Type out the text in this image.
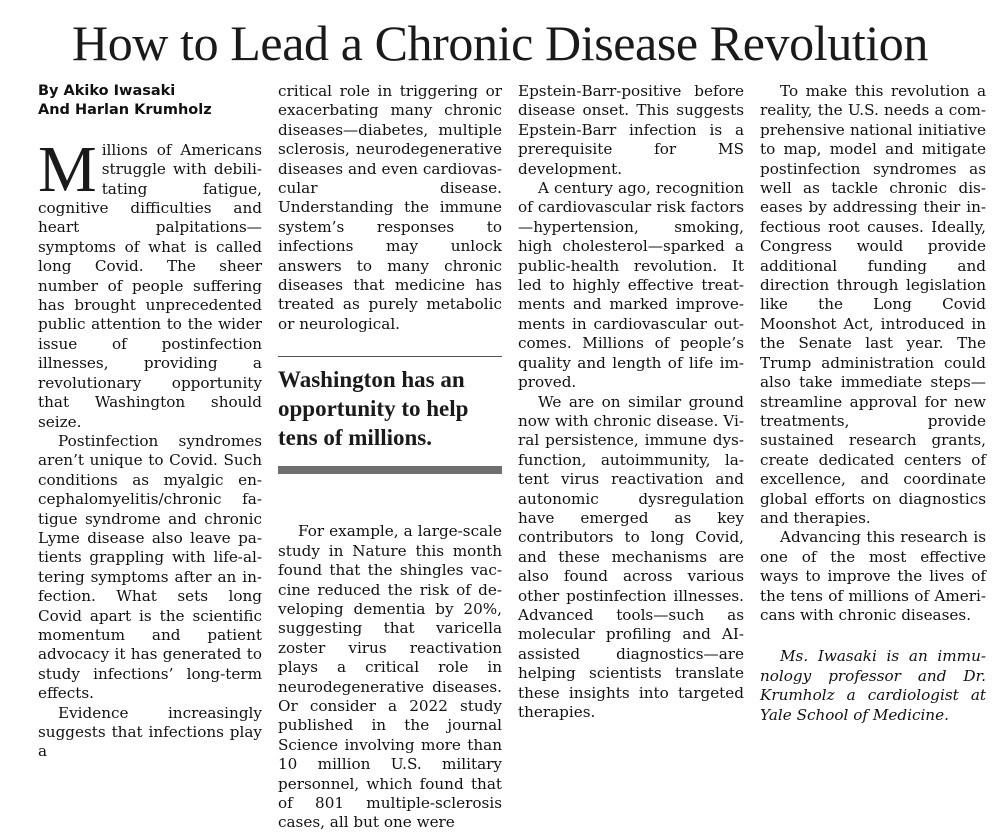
How to Lead a Chronic Disease Revolution
By Akiko Iwasaki
And Harlan Krumholz

Millions of Americans struggle with debilitating fatigue, cognitive difficulties and heart palpitations—symptoms of what is called long Covid. The sheer number of people suffering has brought unprecedented public attention to the wider issue of postinfection illnesses, providing a revolutionary opportunity that Washington should seize.

Postinfection syndromes aren’t unique to Covid. Such conditions as myalgic encephalomyelitis/chronic fatigue syndrome and chronic Lyme disease also leave patients grappling with life-altering symptoms after an infection. What sets long Covid apart is the scientific momentum and patient advocacy it has generated to study infections’ long-term effects.

Evidence increasingly suggests that infections play a

critical role in triggering or exacerbating many chronic diseases—diabetes, multiple sclerosis, neurodegenerative diseases and even cardiovascular disease. Understanding the immune system’s responses to infections may unlock answers to many chronic diseases that medicine has treated as purely metabolic or neurological.

Washington has an opportunity to help tens of millions.

For example, a large-scale study in Nature this month found that the shingles vaccine reduced the risk of developing dementia by 20%, suggesting that varicella zoster virus reactivation plays a critical role in neurodegenerative diseases. Or consider a 2022 study published in the journal Science involving more than 10 million U.S. military personnel, which found that of 801 multiple-sclerosis cases, all but one were

Epstein-Barr-positive before disease onset. This suggests Epstein-Barr infection is a prerequisite for MS development.

A century ago, recognition of cardiovascular risk factors—hypertension, smoking, high cholesterol—sparked a public-health revolution. It led to highly effective treatments and marked improvements in cardiovascular outcomes. Millions of people’s quality and length of life improved.

We are on similar ground now with chronic disease. Viral persistence, immune dysfunction, autoimmunity, latent virus reactivation and autonomic dysregulation have emerged as key contributors to long Covid, and these mechanisms are also found across various other postinfection illnesses. Advanced tools—such as molecular profiling and AI-assisted diagnostics—are helping scientists translate these insights into targeted therapies.

To make this revolution a reality, the U.S. needs a comprehensive national initiative to map, model and mitigate postinfection syndromes as well as tackle chronic diseases by addressing their infectious root causes. Ideally, Congress would provide additional funding and direction through legislation like the Long Covid Moonshot Act, introduced in the Senate last year. The Trump administration could also take immediate steps—streamline approval for new treatments, provide sustained research grants, create dedicated centers of excellence, and coordinate global efforts on diagnostics and therapies.

Advancing this research is one of the most effective ways to improve the lives of the tens of millions of Americans with chronic diseases.

Ms. Iwasaki is an immunology professor and Dr. Krumholz a cardiologist at Yale School of Medicine.
